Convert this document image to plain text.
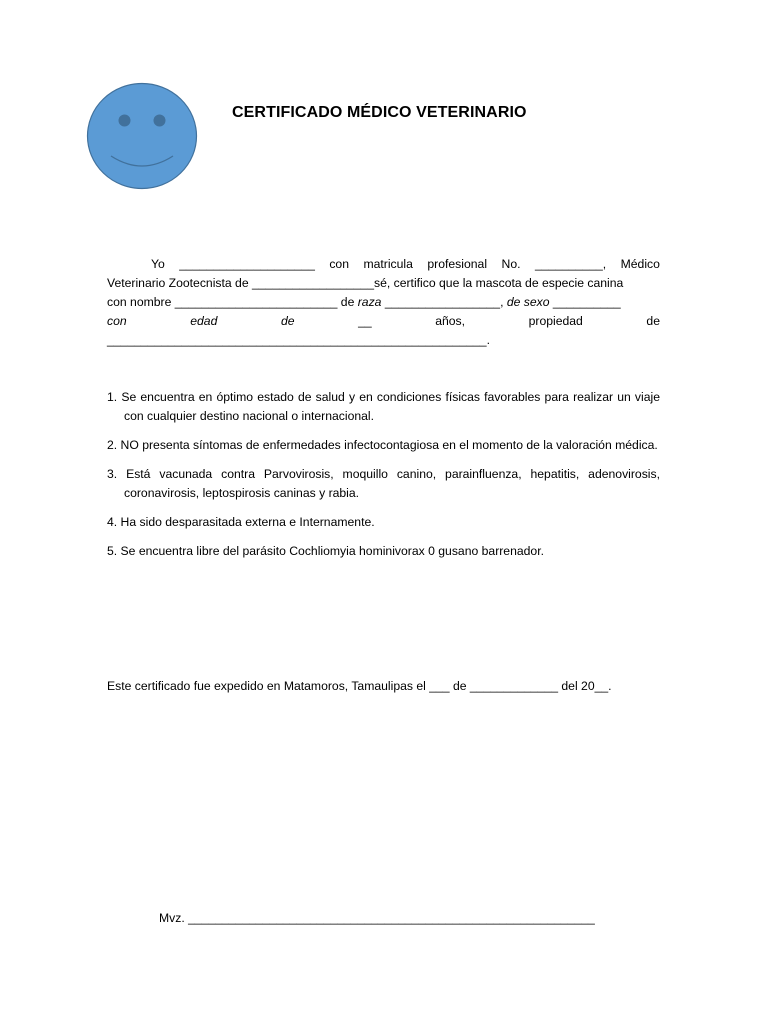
CERTIFICADO MÉDICO VETERINARIO
Yo ____________________ con matricula profesional No. __________, Médico
Veterinario Zootecnista de __________________sé, certifico que la mascota de especie canina
con nombre ________________________ de raza _________________, de sexo __________
con	edad	de	__	años,	propiedad	de
________________________________________________________.
1. Se encuentra en óptimo estado de salud y en condiciones físicas favorables para realizar un viaje con cualquier destino nacional o internacional.
2. NO presenta síntomas de enfermedades infectocontagiosa en el momento de la valoración médica.
3. Está vacunada contra Parvovirosis, moquillo canino, parainfluenza, hepatitis, adenovirosis, coronavirosis, leptospirosis caninas y rabia.
4. Ha sido desparasitada externa e Internamente.
5. Se encuentra libre del parásito Cochliomyia hominivorax 0 gusano barrenador.
Este certificado fue expedido en Matamoros, Tamaulipas el ___ de _____________ del 20__.
Mvz. ____________________________________________________________
